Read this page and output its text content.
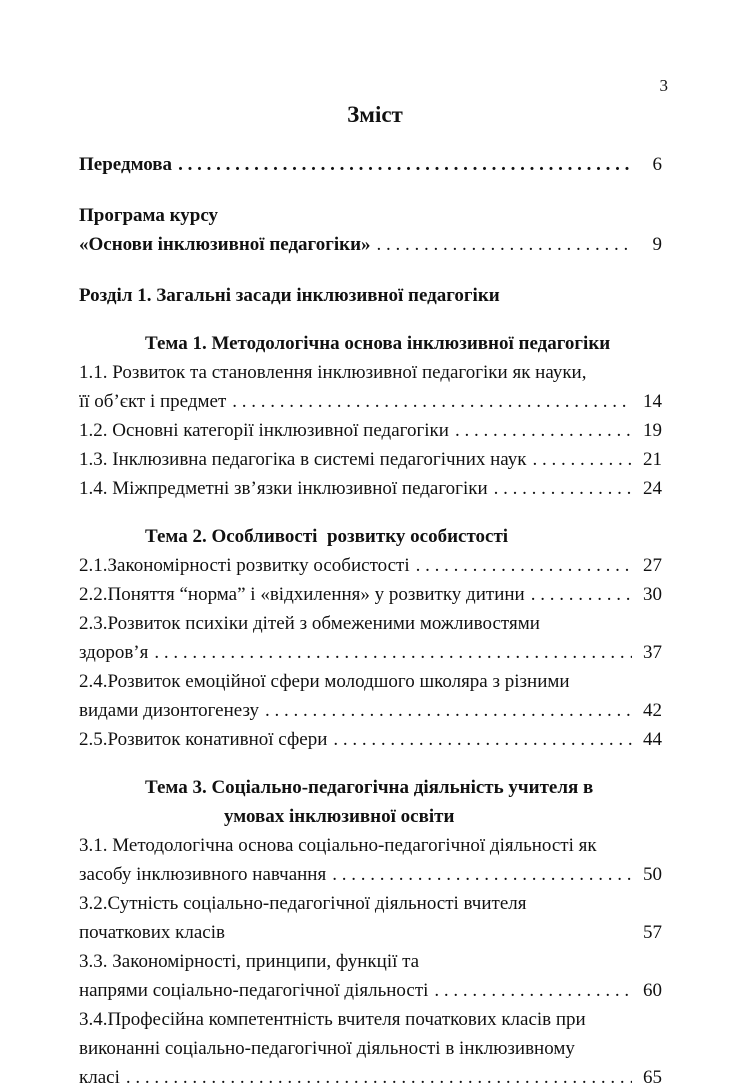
3
Зміст
Передмова . . .	6
Програма курсу
«Основи інклюзивної педагогіки» . . .	9
Розділ 1. Загальні засади інклюзивної педагогіки
Тема 1. Методологічна основа інклюзивної педагогіки
1.1. Розвиток та становлення інклюзивної педагогіки як науки,
її об’єкт і предмет . . .	14
1.2. Основні категорії інклюзивної педагогіки . . .	19
1.3. Інклюзивна педагогіка в системі педагогічних наук . . .	21
1.4. Міжпредметні зв’язки інклюзивної педагогіки . . .	24
Тема 2. Особливості  розвитку особистості
2.1.Закономірності розвитку особистості . . .	27
2.2.Поняття “норма” і «відхилення» у розвитку дитини . . .	30
2.3.Розвиток психіки дітей з обмеженими можливостями
здоров’я . . .	37
2.4.Розвиток емоційної сфери молодшого школяра з різними
видами дизонтогенезу . . .	42
2.5.Розвиток конативної сфери . . .	44
Тема 3. Соціально-педагогічна діяльність учителя в
умовах інклюзивної освіти
3.1. Методологічна основа соціально-педагогічної діяльності як
засобу інклюзивного навчання . . .	50
3.2.Сутність соціально-педагогічної діяльності вчителя
початкових класів	57
3.3. Закономірності, принципи, функції та
напрями соціально-педагогічної діяльності . . .	60
3.4.Професійна компетентність вчителя початкових класів при
виконанні соціально-педагогічної діяльності в інклюзивному
класі . . .	65
